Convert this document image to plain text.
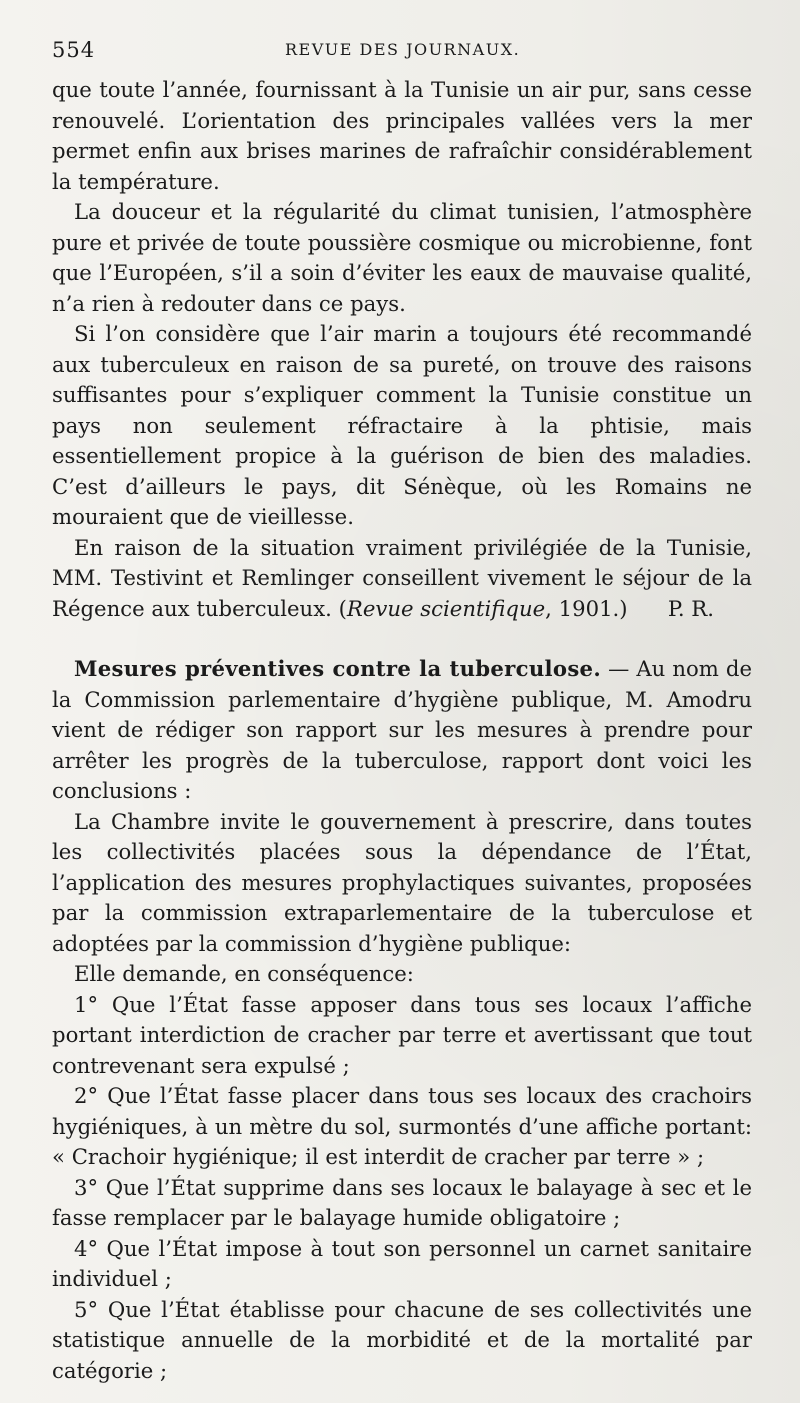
554	REVUE DES JOURNAUX.

que toute l’année, fournissant à la Tunisie un air pur, sans cesse renouvelé. L’orientation des principales vallées vers la mer permet enfin aux brises marines de rafraîchir considérablement la température.

La douceur et la régularité du climat tunisien, l’atmosphère pure et privée de toute poussière cosmique ou microbienne, font que l’Européen, s’il a soin d’éviter les eaux de mauvaise qualité, n’a rien à redouter dans ce pays.

Si l’on considère que l’air marin a toujours été recommandé aux tuberculeux en raison de sa pureté, on trouve des raisons suffisantes pour s’expliquer comment la Tunisie constitue un pays non seulement réfractaire à la phtisie, mais essentiellement propice à la guérison de bien des maladies. C’est d’ailleurs le pays, dit Sénèque, où les Romains ne mouraient que de vieillesse.

En raison de la situation vraiment privilégiée de la Tunisie, MM. Testivint et Remlinger conseillent vivement le séjour de la Régence aux tuberculeux. (Revue scientifique, 1901.)	P. R.

Mesures préventives contre la tuberculose. — Au nom de la Commission parlementaire d’hygiène publique, M. Amodru vient de rédiger son rapport sur les mesures à prendre pour arrêter les progrès de la tuberculose, rapport dont voici les conclusions :

La Chambre invite le gouvernement à prescrire, dans toutes les collectivités placées sous la dépendance de l’État, l’application des mesures prophylactiques suivantes, proposées par la commission extraparlementaire de la tuberculose et adoptées par la commission d’hygiène publique:

Elle demande, en conséquence:

1° Que l’État fasse apposer dans tous ses locaux l’affiche portant interdiction de cracher par terre et avertissant que tout contrevenant sera expulsé ;

2° Que l’État fasse placer dans tous ses locaux des crachoirs hygiéniques, à un mètre du sol, surmontés d’une affiche portant: « Crachoir hygiénique; il est interdit de cracher par terre » ;

3° Que l’État supprime dans ses locaux le balayage à sec et le fasse remplacer par le balayage humide obligatoire ;

4° Que l’État impose à tout son personnel un carnet sanitaire individuel ;

5° Que l’État établisse pour chacune de ses collectivités une statistique annuelle de la morbidité et de la mortalité par catégorie ;
